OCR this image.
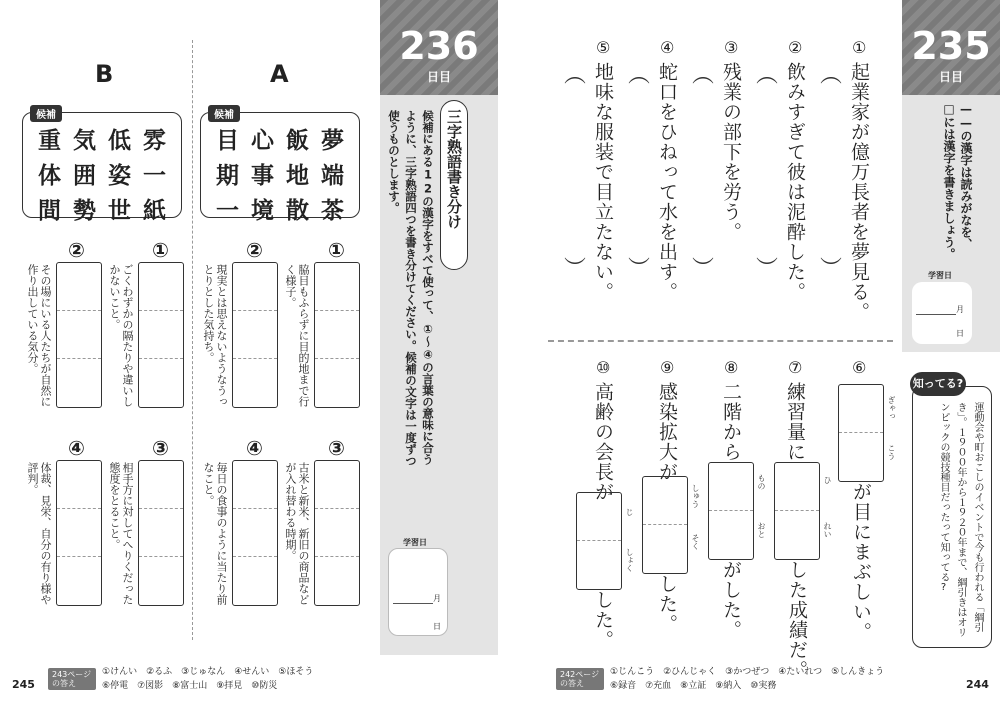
B	A
候補
重 気 低 雰
体 囲 姿 一
間 勢 世 紙
候補
目 心 飯 夢
期 事 地 端
一 境 散 茶
②	①
その場にいる人たちが自然に作り出している気分。	ごくわずかの隔たりや違いしかないこと。
④	③
体裁、見栄、自分の有り様や評判。	相手方に対してへりくだった態度をとること。
②	①
現実とは思えないようなうっとりとした気持ち。	脇目もふらずに目的地まで行く様子。
④	③
毎日の食事のように当たり前なこと。	古米と新米、新旧の商品などが入れ替わる時期。
236
日目
三字熟語書き分け
候補にある12の漢字をすべて使って、①〜④の言葉の意味に合うように、三字熟語四つを書き分けてください。候補の文字は一度ずつ使うものとします。
学習日
月
日
245
243ページの答え
①けんい　②るふ　③じゅなん　④せんい　⑤ほそう
⑥停電　⑦図影　⑧富士山　⑨拝見　⑩防災
①
起業家が億万長者を夢見る。
︵
︶
②
飲みすぎて彼は泥酔した。
︵
︶
③
残業の部下を労う。
︵
︶
④
蛇口をひねって水を出す。
︵
︶
⑤
地味な服装で目立たない。
︵
︶
⑥
ぎゃっ
こう
が目にまぶしい。
⑦
練習量に
ひ
れい
した成績だ。
⑧
二階から
もの
おと
がした。
⑨
感染拡大が
しゅう
そく
した。
⑩
高齢の会長が
じ
しょく
した。
235
日目
——の漢字は読みがなを、□には漢字を書きましょう。
学習日
月
日
知ってる?
運動会や町おこしのイベントで今も行われる「綱引き」。１９００年から１９２０年まで、綱引きはオリンピックの競技種目だったって知ってる?
242ページの答え
①じんこう　②ひんじゃく　③かつぜつ　④たいれつ　⑤しんきょう
⑥録音　⑦充血　⑧立証　⑨納入　⑩実務	244
